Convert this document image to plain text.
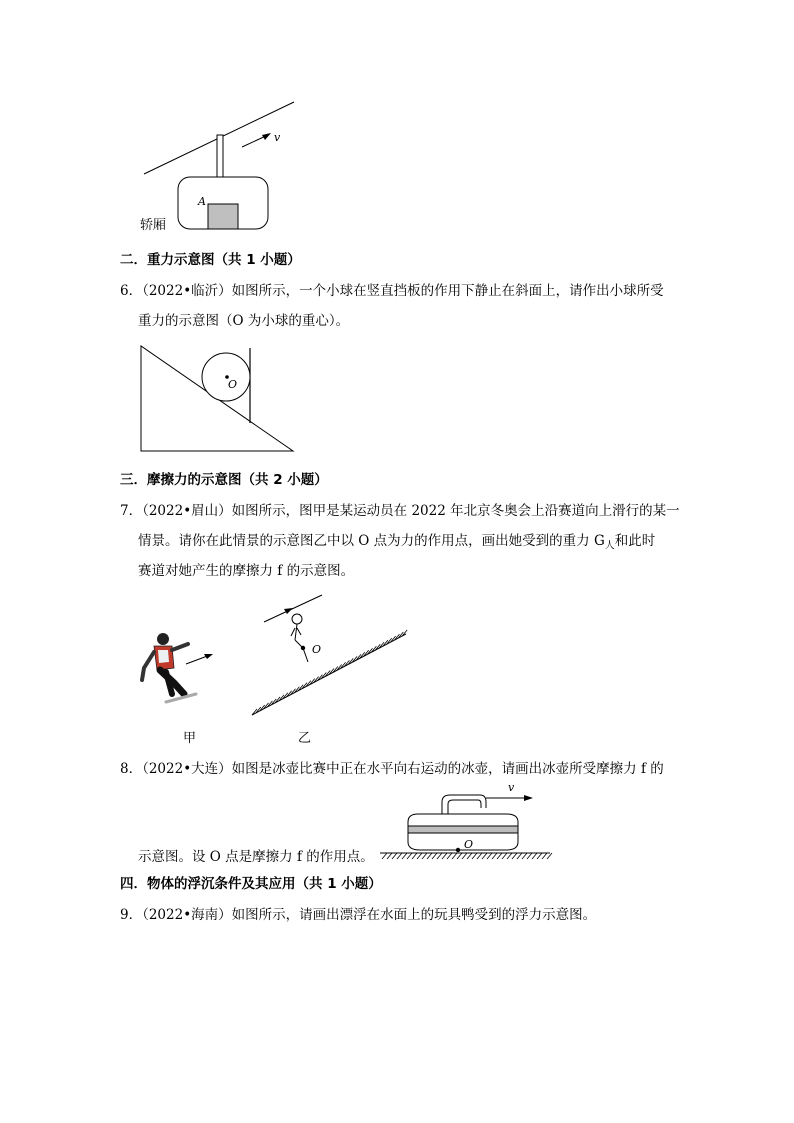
v
A
轿厢
二．重力示意图（共 1 小题）
6．（2022•临沂）如图所示，一个小球在竖直挡板的作用下静止在斜面上，请作出小球所受
重力的示意图（O 为小球的重心）。
O
三．摩擦力的示意图（共 2 小题）
7．（2022•眉山）如图所示，图甲是某运动员在 2022 年北京冬奥会上沿赛道向上滑行的某一
情景。请你在此情景的示意图乙中以 O 点为力的作用点，画出她受到的重力 $G_人$和此时
赛道对她产生的摩擦力 f 的示意图。
甲
O
乙
8．（2022•大连）如图是冰壶比赛中正在水平向右运动的冰壶，请画出冰壶所受摩擦力 f 的
v
O
示意图。设 O 点是摩擦力 f 的作用点。
四．物体的浮沉条件及其应用（共 1 小题）
9．（2022•海南）如图所示，请画出漂浮在水面上的玩具鸭受到的浮力示意图。
